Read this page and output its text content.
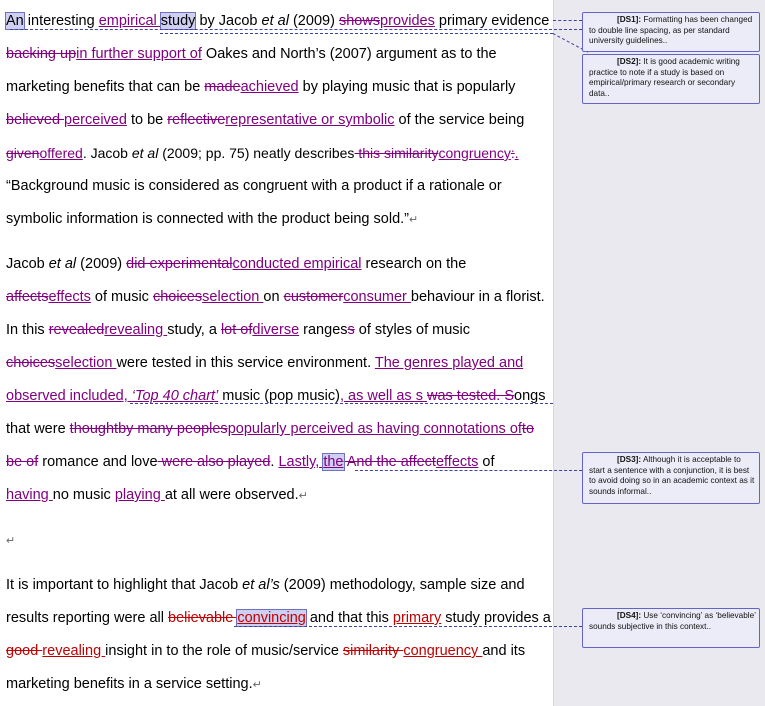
An interesting empirical study by Jacob et al (2009) showsprovides primary evidence
backing upin further support of Oakes and North’s (2007) argument as to the
marketing benefits that can be madeachieved by playing music that is popularly
believed perceived to be reflectiverepresentative or symbolic of the service being
givenoffered. Jacob et al (2009; pp. 75) neatly describes this similaritycongruency:.
“Background music is considered as congruent with a product if a rationale or
symbolic information is connected with the product being sold.”↵
Jacob et al (2009) did experimentalconducted empirical research on the
affectseffects of music choicesselection on customerconsumer behaviour in a florist.
In this revealedrevealing study, a lot ofdiverse rangess of styles of music
choicesselection were tested in this service environment. The genres played and
observed included, ‘Top 40 chart’ music (pop music), as well as s was tested. Songs
that were thoughtby many peoplespopularly perceived as having connotations ofto
be of romance and love were also played. Lastly, the And the affecteffects of
having no music playing at all were observed.↵
↵
It is important to highlight that Jacob et al’s (2009) methodology, sample size and
results reporting were all believable convincing and that this primary study provides a
good revealing insight in to the role of music/service similarity congruency and its
marketing benefits in a service setting.↵
[DS1]: Formatting has been changed to double line spacing, as per standard university guidelines..
[DS2]: It is good academic writing practice to note if a study is based on empirical/primary research or secondary data..
[DS3]: Although it is acceptable to start a sentence with a conjunction, it is best to avoid doing so in an academic context as it sounds informal..
[DS4]: Use ‘convincing’ as ‘believable’ sounds subjective in this context..
